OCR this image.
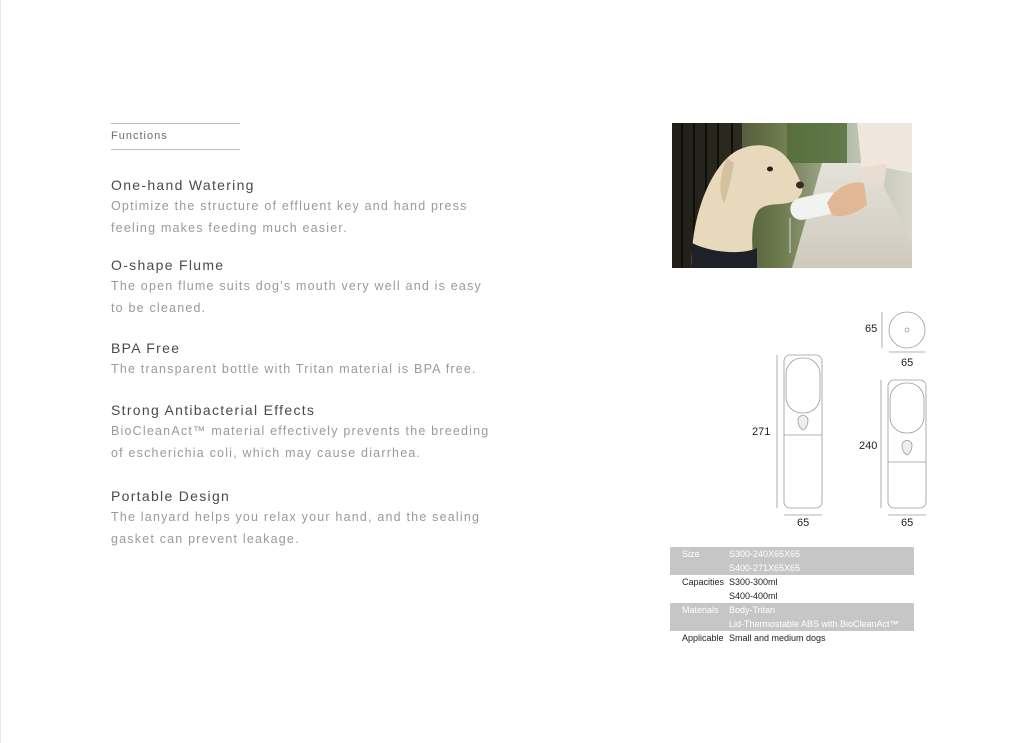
Functions
One-hand Watering

Optimize the structure of effluent key and hand press
feeling makes feeding much easier.

O-shape Flume

The open flume suits dog’s mouth very well and is easy
to be cleaned.

BPA Free

The transparent bottle with Tritan material is BPA free.

Strong Antibacterial Effects

BioCleanAct™ material effectively prevents the breeding
of escherichia coli, which may cause diarrhea.

Portable Design

The lanyard helps you relax your hand, and the sealing
gasket can prevent leakage.

65
65
271
65
240
65
Size	S300-240X65X65
	S400-271X65X65
Capacities	S300-300ml
	S400-400ml
Materials	Body-Tritan
	Lid-Thermostable ABS with BioCleanAct™
Applicable	Small and medium dogs
